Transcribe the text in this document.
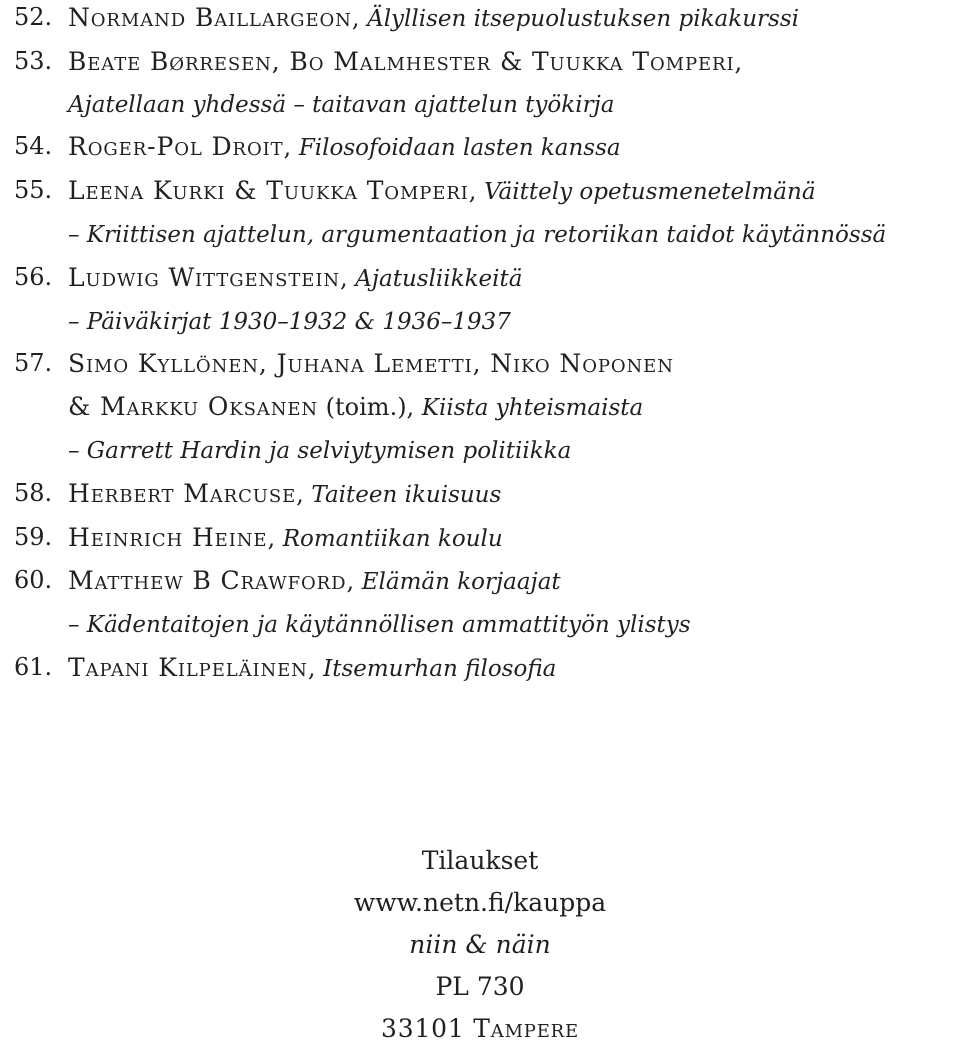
52. Normand Baillargeon, Älyllisen itsepuolustuksen pikakurssi
53. Beate Børresen, Bo Malmhester & Tuukka Tomperi,
Ajatellaan yhdessä – taitavan ajattelun työkirja
54. Roger-Pol Droit, Filosofoidaan lasten kanssa
55. Leena Kurki & Tuukka Tomperi, Väittely opetusmenetelmänä
– Kriittisen ajattelun, argumentaation ja retoriikan taidot käytännössä
56. Ludwig Wittgenstein, Ajatusliikkeitä
– Päiväkirjat 1930–1932 & 1936–1937
57. Simo Kyllönen, Juhana Lemetti, Niko Noponen
& Markku Oksanen (toim.), Kiista yhteismaista
– Garrett Hardin ja selviytymisen politiikka
58. Herbert Marcuse, Taiteen ikuisuus
59. Heinrich Heine, Romantiikan koulu
60. Matthew B Crawford, Elämän korjaajat
– Kädentaitojen ja käytännöllisen ammattityön ylistys
61. Tapani Kilpeläinen, Itsemurhan filosofia
Tilaukset
www.netn.fi/kauppa
niin & näin
PL 730
33101 Tampere
